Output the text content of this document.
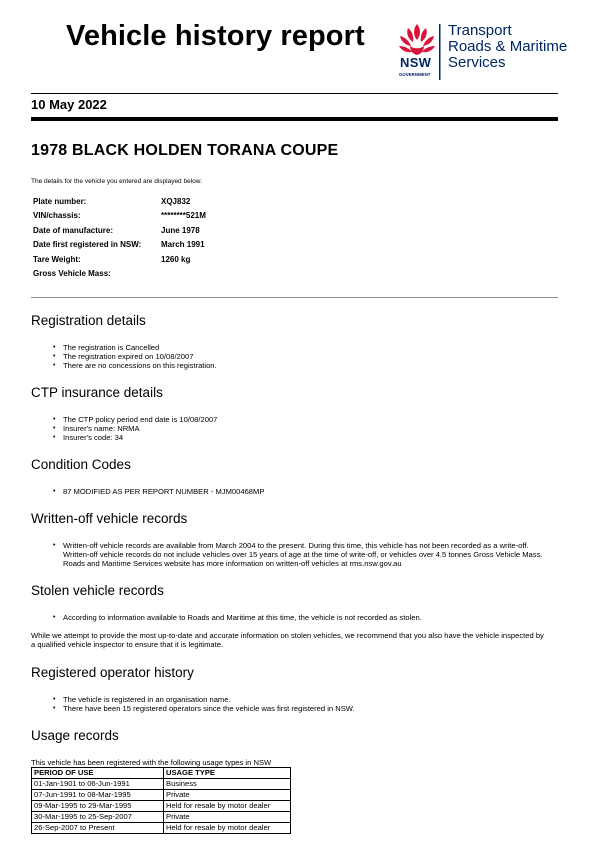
Vehicle history report
NSW
GOVERNMENT
Transport
Roads & Maritime
Services
10 May 2022
1978 BLACK HOLDEN TORANA COUPE
The details for the vehicle you entered are displayed below.
Plate number:	XQJ832
VIN/chassis:	********521M
Date of manufacture:	June 1978
Date first registered in NSW: March 1991
Tare Weight:	1260 kg
Gross Vehicle Mass:
Registration details
• The registration is Cancelled
• The registration expired on 10/08/2007
• There are no concessions on this registration.
CTP insurance details
• The CTP policy period end date is 10/08/2007
• Insurer's name: NRMA
• Insurer's code: 34
Condition Codes
• 87 MODIFIED AS PER REPORT NUMBER - MJM00468MP
Written-off vehicle records
• Written-off vehicle records are available from March 2004 to the present. During this time, this vehicle has not been recorded as a write-off. Written-off vehicle records do not include vehicles over 15 years of age at the time of write-off, or vehicles over 4.5 tonnes Gross Vehicle Mass. Roads and Maritime Services website has more information on written-off vehicles at rms.nsw.gov.au
Stolen vehicle records
• According to information available to Roads and Maritime at this time, the vehicle is not recorded as stolen.
While we attempt to provide the most up-to-date and accurate information on stolen vehicles, we recommend that you also have the vehicle inspected by a qualified vehicle inspector to ensure that it is legitimate.
Registered operator history
• The vehicle is registered in an organisation name.
• There have been 15 registered operators since the vehicle was first registered in NSW.
Usage records
This vehicle has been registered with the following usage types in NSW
PERIOD OF USE	USAGE TYPE
01-Jan-1901 to 06-Jun-1991	Business
07-Jun-1991 to 08-Mar-1995	Private
09-Mar-1995 to 29-Mar-1995	Held for resale by motor dealer
30-Mar-1995 to 25-Sep-2007	Private
26-Sep-2007 to Present	Held for resale by motor dealer
